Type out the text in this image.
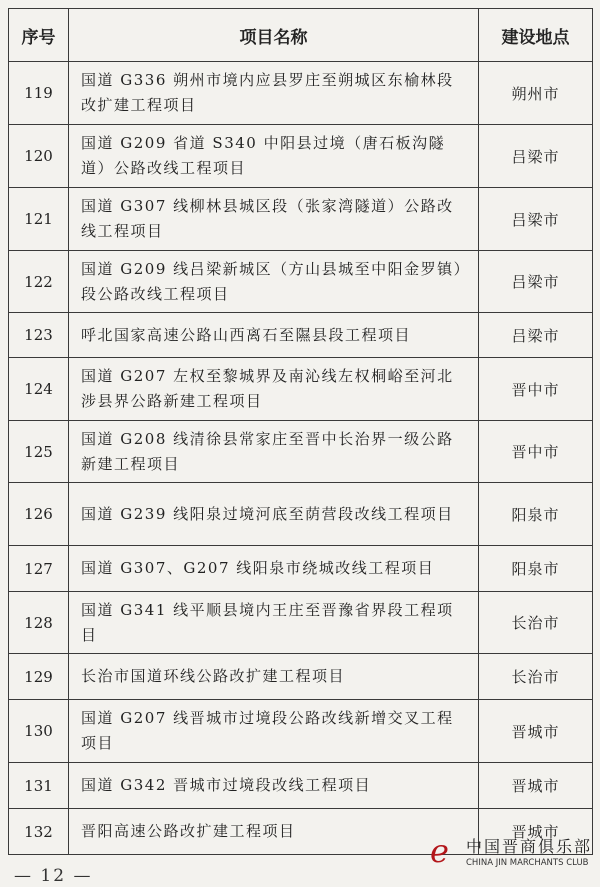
序号	项目名称	建设地点
119	国道 G336 朔州市境内应县罗庄至朔城区东榆林段改扩建工程项目	朔州市
120	国道 G209 省道 S340 中阳县过境（唐石板沟隧道）公路改线工程项目	吕梁市
121	国道 G307 线柳林县城区段（张家湾隧道）公路改线工程项目	吕梁市
122	国道 G209 线吕梁新城区（方山县城至中阳金罗镇）段公路改线工程项目	吕梁市
123	呼北国家高速公路山西离石至隰县段工程项目	吕梁市
124	国道 G207 左权至黎城界及南沁线左权桐峪至河北涉县界公路新建工程项目	晋中市
125	国道 G208 线清徐县常家庄至晋中长治界一级公路新建工程项目	晋中市
126	国道 G239 线阳泉过境河底至荫营段改线工程项目	阳泉市
127	国道 G307、G207 线阳泉市绕城改线工程项目	阳泉市
128	国道 G341 线平顺县境内王庄至晋豫省界段工程项目	长治市
129	长治市国道环线公路改扩建工程项目	长治市
130	国道 G207 线晋城市过境段公路改线新增交叉工程项目	晋城市
131	国道 G342 晋城市过境段改线工程项目	晋城市
132	晋阳高速公路改扩建工程项目	晋城市
— 12 —
e 中国晋商俱乐部
CHINA JIN MARCHANTS CLUB
